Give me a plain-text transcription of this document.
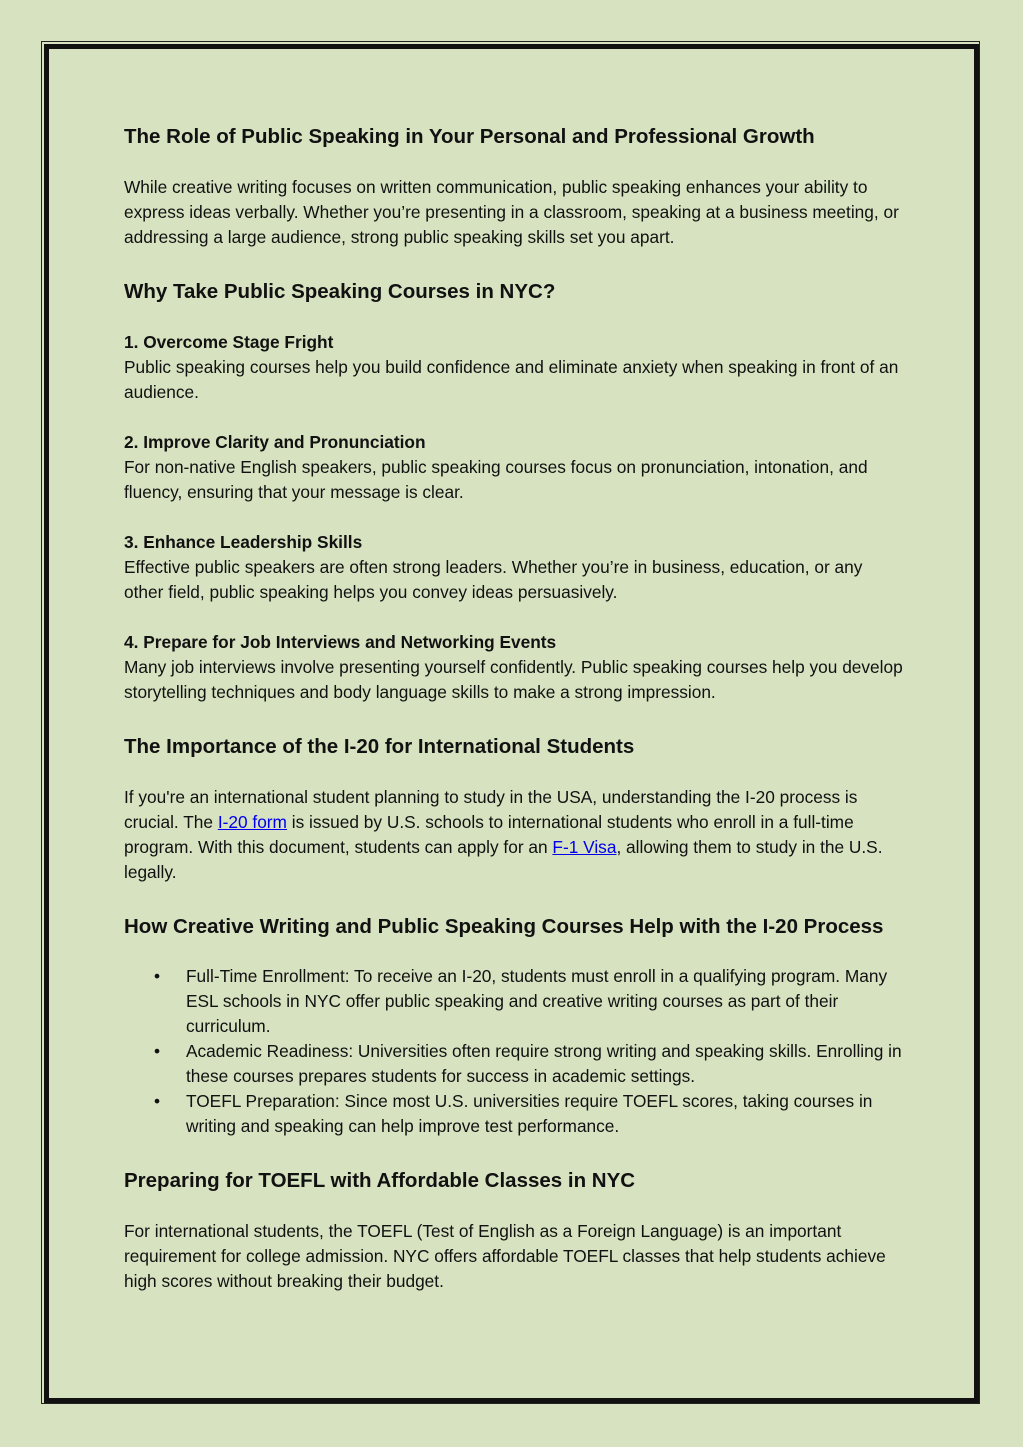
The Role of Public Speaking in Your Personal and Professional Growth

While creative writing focuses on written communication, public speaking enhances your ability to express ideas verbally. Whether you’re presenting in a classroom, speaking at a business meeting, or addressing a large audience, strong public speaking skills set you apart.

Why Take Public Speaking Courses in NYC?
1. Overcome Stage Fright
Public speaking courses help you build confidence and eliminate anxiety when speaking in front of an audience.
2. Improve Clarity and Pronunciation
For non-native English speakers, public speaking courses focus on pronunciation, intonation, and fluency, ensuring that your message is clear.
3. Enhance Leadership Skills
Effective public speakers are often strong leaders. Whether you’re in business, education, or any other field, public speaking helps you convey ideas persuasively.
4. Prepare for Job Interviews and Networking Events
Many job interviews involve presenting yourself confidently. Public speaking courses help you develop storytelling techniques and body language skills to make a strong impression.
The Importance of the I-20 for International Students

If you're an international student planning to study in the USA, understanding the I-20 process is crucial. The I-20 form is issued by U.S. schools to international students who enroll in a full-time program. With this document, students can apply for an F-1 Visa, allowing them to study in the U.S. legally.

How Creative Writing and Public Speaking Courses Help with the I-20 Process
• Full-Time Enrollment: To receive an I-20, students must enroll in a qualifying program. Many ESL schools in NYC offer public speaking and creative writing courses as part of their curriculum.
• Academic Readiness: Universities often require strong writing and speaking skills. Enrolling in these courses prepares students for success in academic settings.
• TOEFL Preparation: Since most U.S. universities require TOEFL scores, taking courses in writing and speaking can help improve test performance.
Preparing for TOEFL with Affordable Classes in NYC

For international students, the TOEFL (Test of English as a Foreign Language) is an important requirement for college admission. NYC offers affordable TOEFL classes that help students achieve high scores without breaking their budget.
